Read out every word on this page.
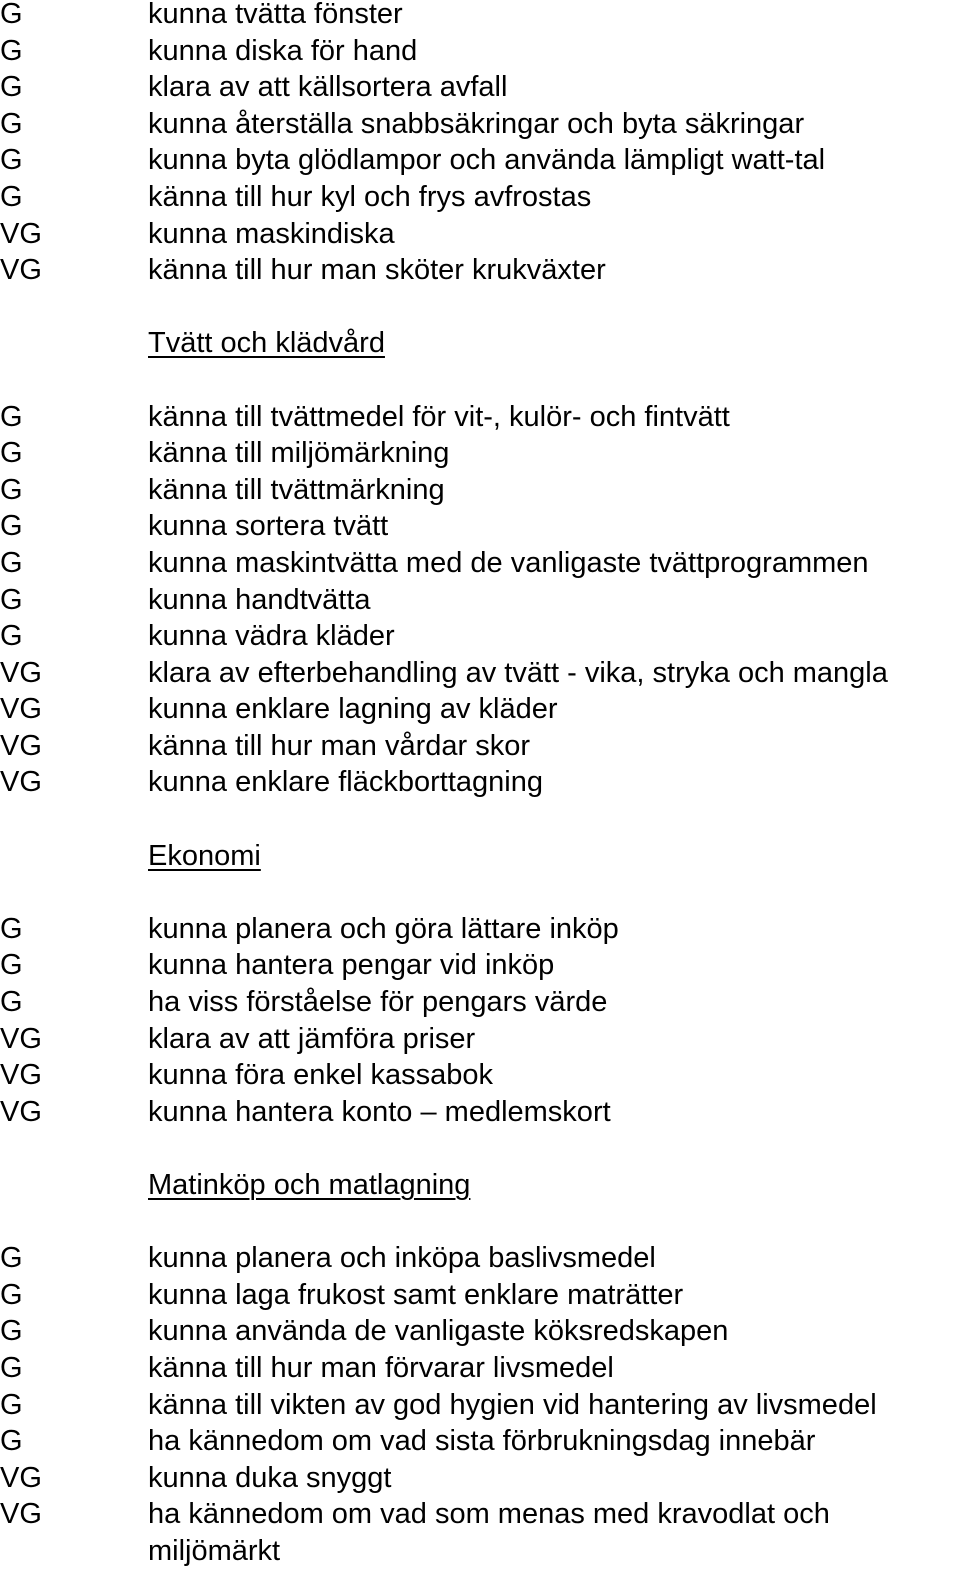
G	kunna tvätta fönster
G	kunna diska för hand
G	klara av att källsortera avfall
G	kunna återställa snabbsäkringar och byta säkringar
G	kunna byta glödlampor och använda lämpligt watt-tal
G	känna till hur kyl och frys avfrostas
VG	kunna maskindiska
VG	känna till hur man sköter krukväxter
Tvätt och klädvård
G	känna till tvättmedel för vit-, kulör- och fintvätt
G	känna till miljömärkning
G	känna till tvättmärkning
G	kunna sortera tvätt
G	kunna maskintvätta med de vanligaste tvättprogrammen
G	kunna handtvätta
G	kunna vädra kläder
VG	klara av efterbehandling av tvätt - vika, stryka och mangla
VG	kunna enklare lagning av kläder
VG	känna till hur man vårdar skor
VG	kunna enklare fläckborttagning
Ekonomi
G	kunna planera och göra lättare inköp
G	kunna hantera pengar vid inköp
G	ha viss förståelse för pengars värde
VG	klara av att jämföra priser
VG	kunna föra enkel kassabok
VG	kunna hantera konto – medlemskort
Matinköp och matlagning
G	kunna planera och inköpa baslivsmedel
G	kunna laga frukost samt enklare maträtter
G	kunna använda de vanligaste köksredskapen
G	känna till hur man förvarar livsmedel
G	känna till vikten av god hygien vid hantering av livsmedel
G	ha kännedom om vad sista förbrukningsdag innebär
VG	kunna duka snyggt
VG	ha kännedom om vad som menas med kravodlat och
miljömärkt
